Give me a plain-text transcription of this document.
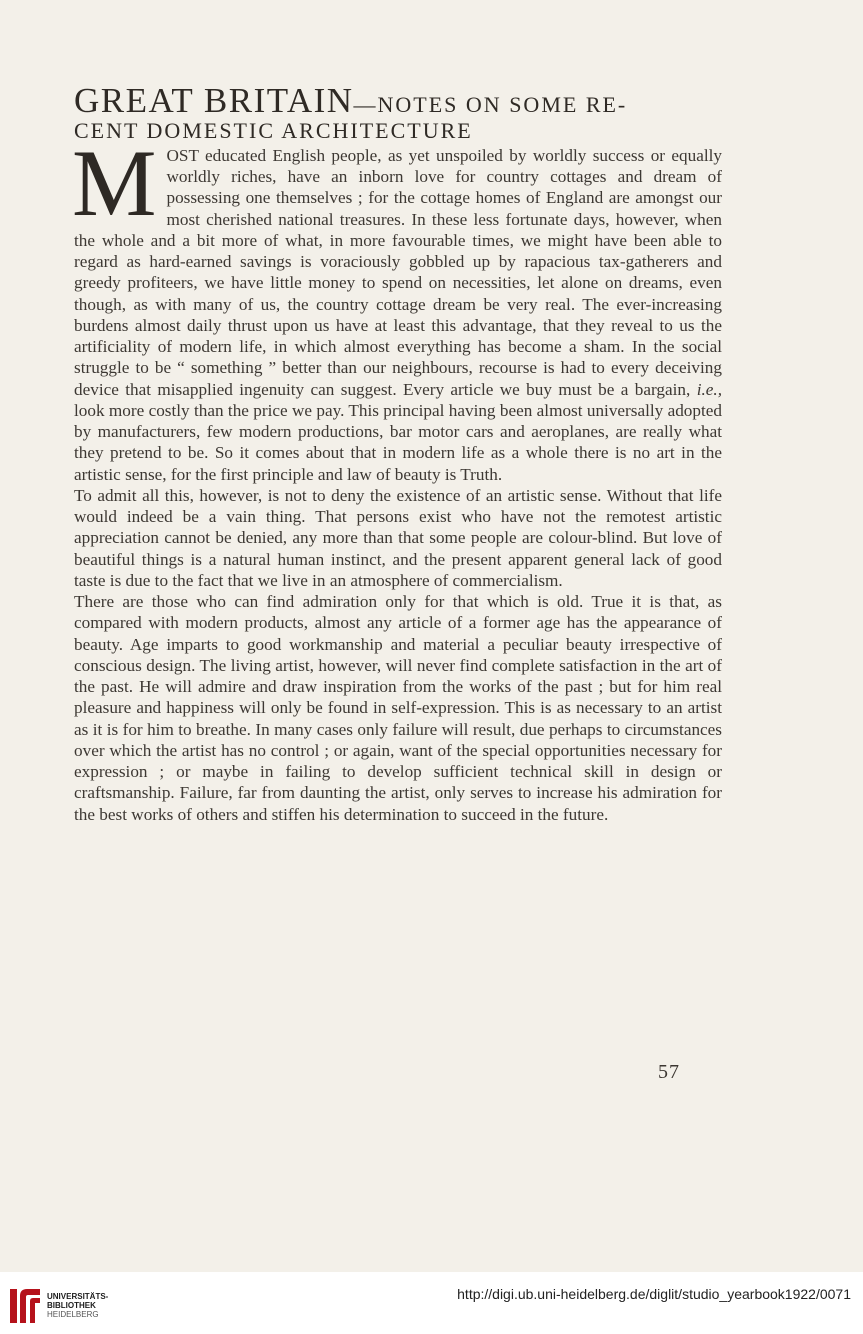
GREAT BRITAIN—NOTES ON SOME RE-
CENT DOMESTIC ARCHITECTURE

MOST educated English people, as yet unspoiled by worldly success or equally worldly riches, have an inborn love for country cottages and dream of possessing one themselves ; for the cottage homes of England are amongst our most cherished national treasures. In these less fortunate days, however, when the whole and a bit more of what, in more favourable times, we might have been able to regard as hard-earned savings is voraciously gobbled up by rapacious tax-gatherers and greedy profiteers, we have little money to spend on necessities, let alone on dreams, even though, as with many of us, the country cottage dream be very real. The ever-increasing burdens almost daily thrust upon us have at least this advantage, that they reveal to us the artificiality of modern life, in which almost everything has become a sham. In the social struggle to be “ something ” better than our neighbours, recourse is had to every deceiving device that misapplied ingenuity can suggest. Every article we buy must be a bargain, i.e., look more costly than the price we pay. This principal having been almost universally adopted by manufacturers, few modern productions, bar motor cars and aeroplanes, are really what they pretend to be. So it comes about that in modern life as a whole there is no art in the artistic sense, for the first principle and law of beauty is Truth.

To admit all this, however, is not to deny the existence of an artistic sense. Without that life would indeed be a vain thing. That persons exist who have not the remotest artistic appreciation cannot be denied, any more than that some people are colour-blind. But love of beautiful things is a natural human instinct, and the present apparent general lack of good taste is due to the fact that we live in an atmosphere of commercialism.

There are those who can find admiration only for that which is old. True it is that, as compared with modern products, almost any article of a former age has the appearance of beauty. Age imparts to good workmanship and material a peculiar beauty irrespective of conscious design. The living artist, however, will never find complete satisfaction in the art of the past. He will admire and draw inspiration from the works of the past ; but for him real pleasure and happiness will only be found in self-expression. This is as necessary to an artist as it is for him to breathe. In many cases only failure will result, due perhaps to circumstances over which the artist has no control ; or again, want of the special opportunities necessary for expression ; or maybe in failing to develop sufficient technical skill in design or craftsmanship. Failure, far from daunting the artist, only serves to increase his admiration for the best works of others and stiffen his determination to succeed in the future.

57
UNIVERSITÄTS-
BIBLIOTHEK
HEIDELBERG
http://digi.ub.uni-heidelberg.de/diglit/studio_yearbook1922/0071
